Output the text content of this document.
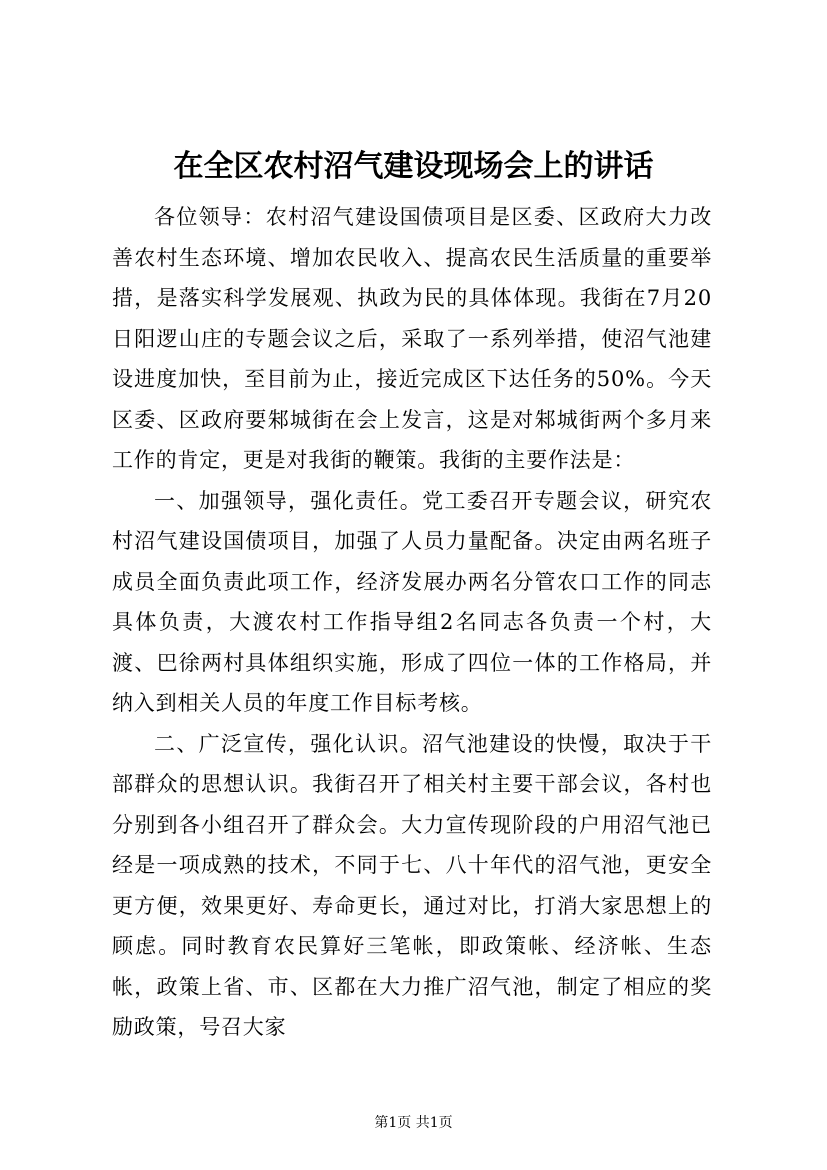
在全区农村沼气建设现场会上的讲话

各位领导：农村沼气建设国债项目是区委、区政府大力改善农村生态环境、增加农民收入、提高农民生活质量的重要举措，是落实科学发展观、执政为民的具体体现。我街在7月20日阳逻山庄的专题会议之后，采取了一系列举措，使沼气池建设进度加快，至目前为止，接近完成区下达任务的50%。今天区委、区政府要邾城街在会上发言，这是对邾城街两个多月来工作的肯定，更是对我街的鞭策。我街的主要作法是：

一、加强领导，强化责任。党工委召开专题会议，研究农村沼气建设国债项目，加强了人员力量配备。决定由两名班子成员全面负责此项工作，经济发展办两名分管农口工作的同志具体负责，大渡农村工作指导组2名同志各负责一个村，大渡、巴徐两村具体组织实施，形成了四位一体的工作格局，并纳入到相关人员的年度工作目标考核。

二、广泛宣传，强化认识。沼气池建设的快慢，取决于干部群众的思想认识。我街召开了相关村主要干部会议，各村也分别到各小组召开了群众会。大力宣传现阶段的户用沼气池已经是一项成熟的技术，不同于七、八十年代的沼气池，更安全更方便，效果更好、寿命更长，通过对比，打消大家思想上的顾虑。同时教育农民算好三笔帐，即政策帐、经济帐、生态帐，政策上省、市、区都在大力推广沼气池，制定了相应的奖励政策，号召大家

第1页 共1页
